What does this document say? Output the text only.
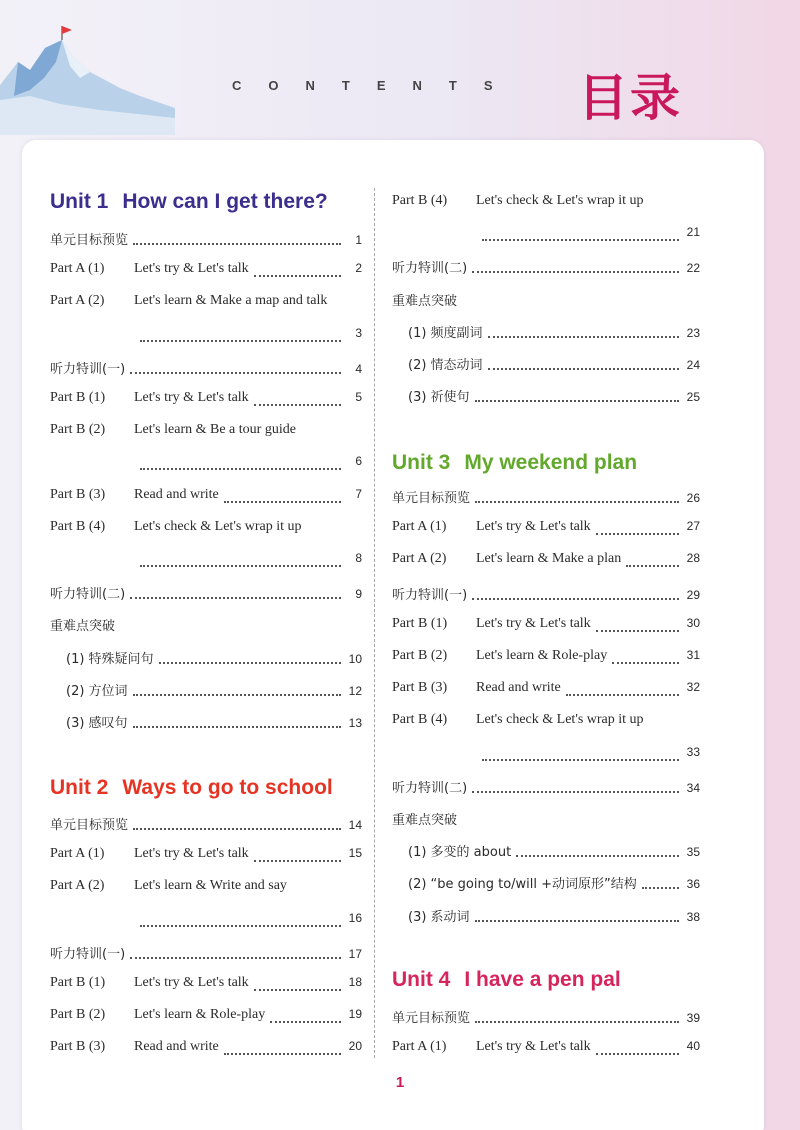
CONTENTS 目录
Unit 1 How can I get there?
单元目标预览	1
Part A (1) Let's try & Let's talk	2
Part A (2) Let's learn & Make a map and talk
3
听力特训(一)	4
Part B (1) Let's try & Let's talk	5
Part B (2) Let's learn & Be a tour guide
6
Part B (3) Read and write	7
Part B (4) Let's check & Let's wrap it up
8
听力特训(二)	9
重难点突破
(1) 特殊疑问句	10
(2) 方位词	12
(3) 感叹句	13
Unit 2 Ways to go to school
单元目标预览	14
Part A (1) Let's try & Let's talk	15
Part A (2) Let's learn & Write and say
16
听力特训(一)	17
Part B (1) Let's try & Let's talk	18
Part B (2) Let's learn & Role-play	19
Part B (3) Read and write	20
Part B (4) Let's check & Let's wrap it up
21
听力特训(二)	22
重难点突破
(1) 频度副词	23
(2) 情态动词	24
(3) 祈使句	25
Unit 3 My weekend plan
单元目标预览	26
Part A (1) Let's try & Let's talk	27
Part A (2) Let's learn & Make a plan	28
听力特训(一)	29
Part B (1) Let's try & Let's talk	30
Part B (2) Let's learn & Role-play	31
Part B (3) Read and write	32
Part B (4) Let's check & Let's wrap it up
33
听力特训(二)	34
重难点突破
(1) 多变的 about	35
(2) “be going to/will +动词原形”结构	36
(3) 系动词	38
Unit 4 I have a pen pal
单元目标预览	39
Part A (1) Let's try & Let's talk	40
1
